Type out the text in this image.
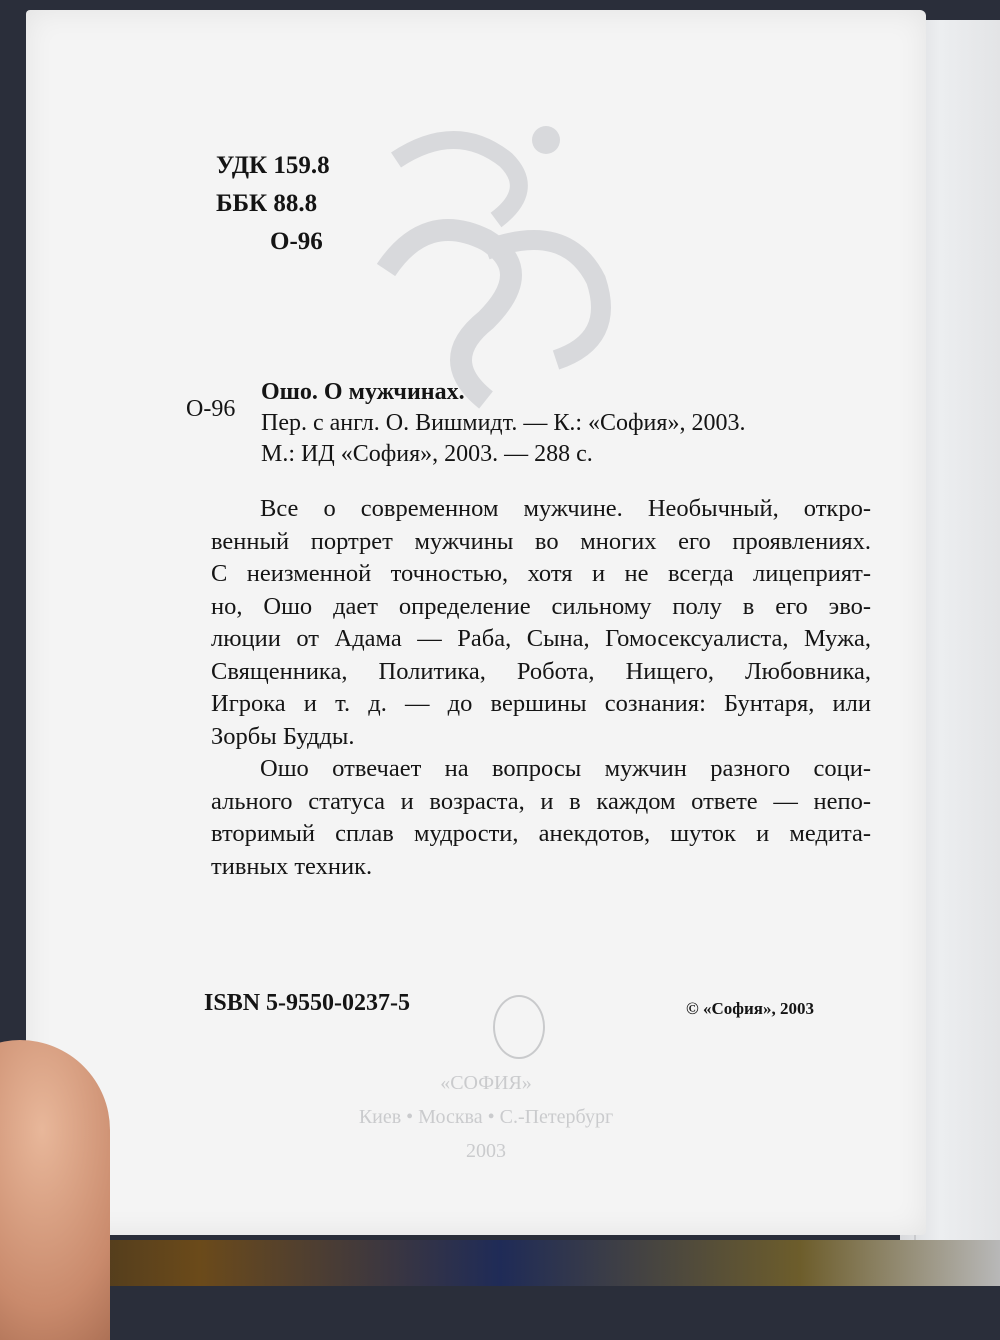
«СОФИЯ»
Киев • Москва • С.-Петербург
2003
УДК 159.8
ББК 88.8
О-96
О-96
Ошо. О мужчинах.
Пер. с англ. О. Вишмидт. — К.: «София», 2003.
М.: ИД «София», 2003. — 288 с.
Все о современном мужчине. Необычный, откро-
венный портрет мужчины во многих его проявлениях.
С неизменной точностью, хотя и не всегда лицеприят-
но, Ошо дает определение сильному полу в его эво-
люции от Адама — Раба, Сына, Гомосексуалиста, Мужа,
Священника, Политика, Робота, Нищего, Любовника,
Игрока и т. д. — до вершины сознания: Бунтаря, или
Зорбы Будды.
Ошо отвечает на вопросы мужчин разного соци-
ального статуса и возраста, и в каждом ответе — непо-
вторимый сплав мудрости, анекдотов, шуток и медита-
тивных техник.
ISBN 5-9550-0237-5	© «София», 2003
